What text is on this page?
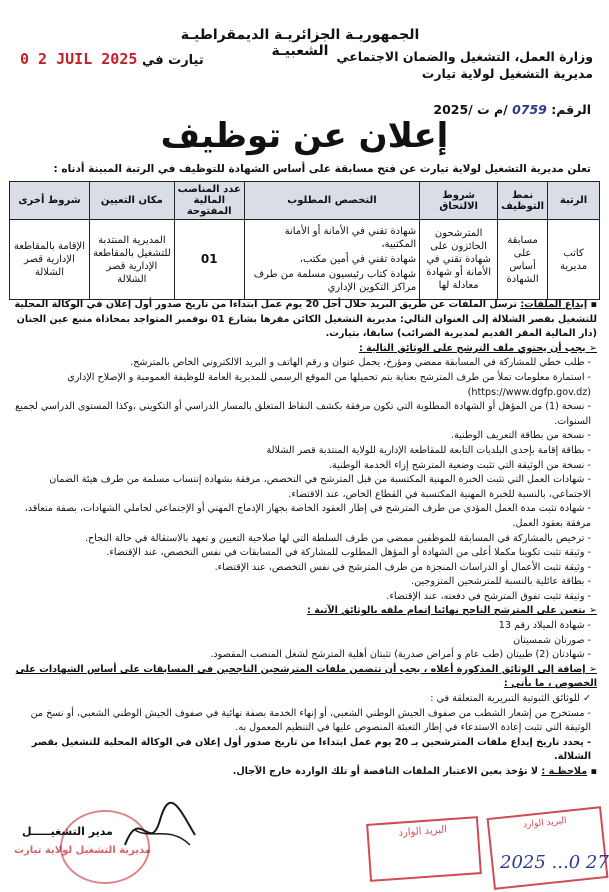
الجمهوريـة الجزائريـة الديمقراطيـة الشعبيـة وزارة العمل، التشغيل والضمان الاجتماعي
مديرية التشغيل لولاية تيارت
0 2 JUIL 2025 تيارت في
الرقم: 0759 /م ت /2025
إعلان عن توظيف
تعلن مديرية التشغيل لولاية تيارت عن فتح مسابقة على أساس الشهادة للتوظيف في الرتبة المبينة أدناه :
الرتبة	نمط التوظيف	شروط الالتحاق	التخصص المطلوب	عدد المناصب المالية المفتوحة	مكان التعيين	شروط أخرى
كاتب مديرية	مسابقة على أساس الشهادة	المترشحون الحائزون على شهادة تقني في الأمانة أو شهادة معادلة لها	شهادة تقني في الأمانة أو الأمانة المكتبية،
شهادة تقني في أمين مكتب،
شهادة كتاب رئيسيون مسلمة من طرف مراكز التكوين الإداري	01	المديرية المنتدبة للتشغيل بالمقاطعة الإدارية قصر الشلالة	الإقامة بالمقاطعة الإدارية قصر الشلالة
▪ إيداع الملفات: ترسل الملفات عن طريق البريد خلال أجل 20 يوم عمل ابتداءا من تاريخ صدور أول إعلان في الوكالة المحلية للتشغيل بقصر الشلالة إلى العنوان التالي: مديرية التشغيل الكائن مقرها بشارع 01 نوفمبر المتواجد بمحاذاة منبع عين الجنان (دار المالية المقر القديم لمديرية الضرائب) سابقا، بتيارت.
➢ يجب أن يحتوي ملف الترشح على الوثائق التالية :
- طلب خطي للمشاركة في المسابقة ممضي ومؤرخ، يحمل عنوان و رقم الهاتف و البريد الالكتروني الخاص بالمترشح.
- استمارة معلومات تملأ من طرف المترشح بعناية يتم تحميلها من الموقع الرسمي للمديرية العامة للوظيفة العمومية و الإصلاح الإداري (https://www.dgfp.gov.dz)
- نسخة (1) من المؤهل أو الشهادة المطلوبة التي تكون مرفقة بكشف النقاط المتعلق بالمسار الدراسي أو التكويني ،وكذا المستوى الدراسي لجميع السنوات.
- نسخة من بطاقة التعريف الوطنية.
- بطاقة إقامة بإحدى البلديات التابعة للمقاطعة الإدارية للولاية المنتدبة قصر الشلالة
- نسخة من الوثيقة التي تثبت وضعية المترشح إزاء الخدمة الوطنية.
- شهادات العمل التي تثبت الخبرة المهنية المكتسبة من قبل المترشح في التخصص، مرفقة بشهادة إنتساب مسلمة من طرف هيئة الضمان الاجتماعي، بالنسبة للخبرة المهنية المكتسبة في القطاع الخاص، عند الاقتضاء.
- شهادة تثبت مدة العمل المؤدى من طرف المترشح في إطار العقود الخاصة بجهاز الإدماج المهني أو الإجتماعي لحاملي الشهادات، بصفة متعاقد، مرفقة بعقود العمل.
- ترخيص بالمشاركة في المسابقة للموظفين ممضي من طرف السلطة التي لها صلاحية التعيين و تعهد بالاستقالة في حالة النجاح.
- وثيقة تثبت تكوينا مكملا أعلى من الشهادة أو المؤهل المطلوب للمشاركة في المسابقات في نفس التخصص، عند الإقتضاء.
- وثيقة تثبت الأعمال أو الدراسات المنجزة من طرف المترشح في نفس التخصص، عند الإقتضاء.
- بطاقة عائلية بالنسبة للمترشحين المتزوجين.
- وثيقة تثبت تفوق المترشح في دفعته، عند الإقتضاء.
➢ يتعين على المترشح الناجح نهائيا إتمام ملفه بالوثائق الآتية :
- شهادة الميلاد رقم 13
- صورتان شمسيتان
- شهادتان (2) طبيتان (طب عام و أمراض صدرية) تثبتان أهلية المترشح لشغل المنصب المقصود.
➢ إضافة إلى الوثائق المذكورة أعلاه ، يجب أن تتضمن ملفات المترشحين الناجحين في المسابقات على أساس الشهادات على الخصوص ، ما يأتي :
✓ للوثائق الثبوتية التبريرية المتعلقة في :
- مستخرج من إشعار الشطب من صفوف الجيش الوطني الشعبي، أو إنهاء الخدمة بصفة نهائية في صفوف الجيش الوطني الشعبي، أو نسخ من الوثيقة التي تثبت إعادة الاستدعاء في إطار التعبئة المنصوص عليها في التنظيم المعمول به.
- يحدد تاريخ إيداع ملفات المترشحين بـ 20 يوم عمل ابتداءا من تاريخ صدور أول إعلان في الوكالة المحلية للتشغيل بقصر الشلالة.
▪ ملاحظـة : لا تؤخذ بعين الاعتبار الملفات الناقصة أو تلك الواردة خارج الآجال.
مدير التشغيـــــل
مديرية التشغيل لولاية تيارت
البريد الوارد
البريد الوارد
2025 ...0 27
